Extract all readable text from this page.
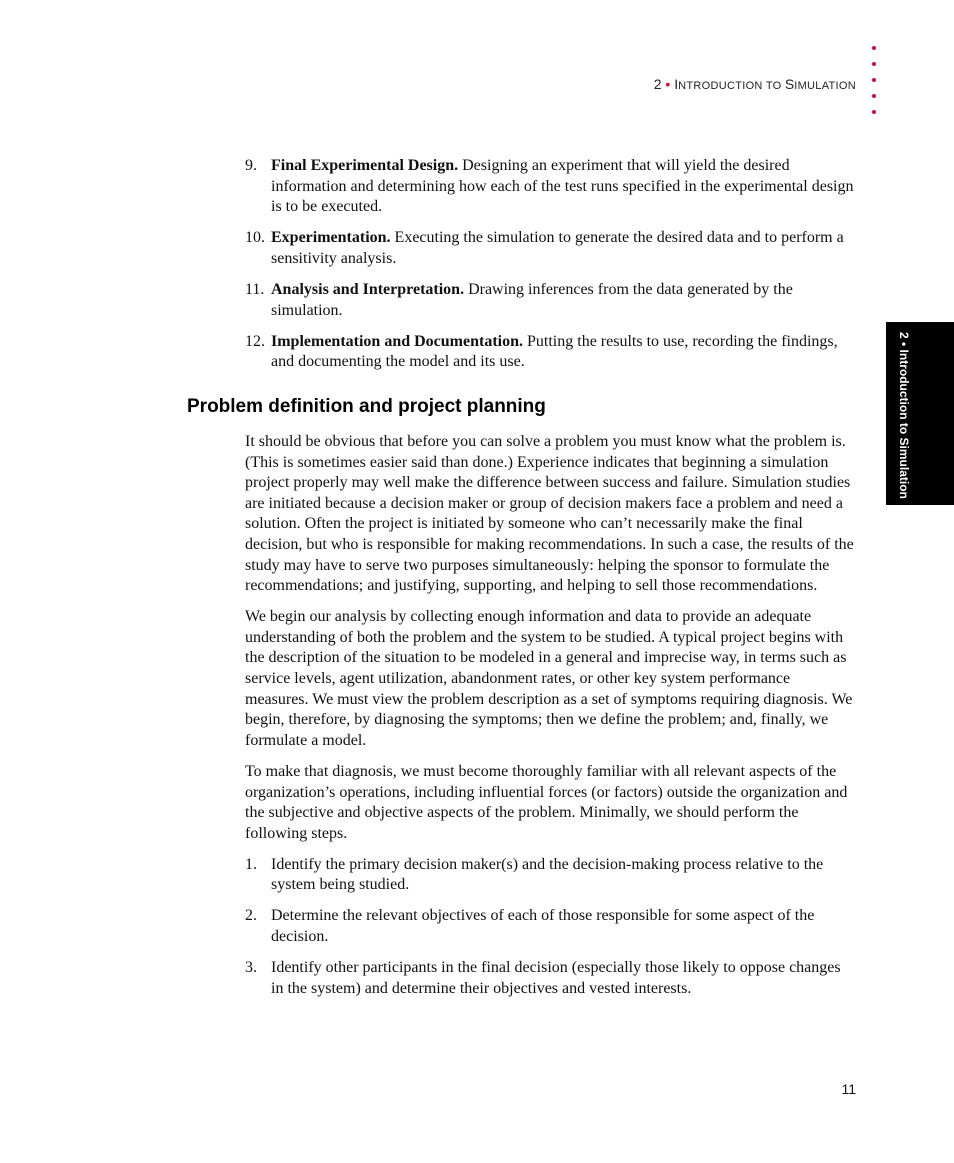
2 • INTRODUCTION TO SIMULATION
2 • Introduction to Simulation
9. Final Experimental Design. Designing an experiment that will yield the desired information and determining how each of the test runs specified in the experimental design is to be executed.
10. Experimentation. Executing the simulation to generate the desired data and to perform a sensitivity analysis.
11. Analysis and Interpretation. Drawing inferences from the data generated by the simulation.
12. Implementation and Documentation. Putting the results to use, recording the findings, and documenting the model and its use.
Problem definition and project planning

It should be obvious that before you can solve a problem you must know what the problem is. (This is sometimes easier said than done.) Experience indicates that beginning a simulation project properly may well make the difference between success and failure. Simulation studies are initiated because a decision maker or group of decision makers face a problem and need a solution. Often the project is initiated by someone who can’t necessarily make the final decision, but who is responsible for making recommendations. In such a case, the results of the study may have to serve two purposes simultaneously: helping the sponsor to formulate the recommendations; and justifying, supporting, and helping to sell those recommendations.

We begin our analysis by collecting enough information and data to provide an adequate understanding of both the problem and the system to be studied. A typical project begins with the description of the situation to be modeled in a general and imprecise way, in terms such as service levels, agent utilization, abandonment rates, or other key system performance measures. We must view the problem description as a set of symptoms requiring diagnosis. We begin, therefore, by diagnosing the symptoms; then we define the problem; and, finally, we formulate a model.

To make that diagnosis, we must become thoroughly familiar with all relevant aspects of the organization’s operations, including influential forces (or factors) outside the organization and the subjective and objective aspects of the problem. Minimally, we should perform the following steps.

1. Identify the primary decision maker(s) and the decision-making process relative to the system being studied.
2. Determine the relevant objectives of each of those responsible for some aspect of the decision.
3. Identify other participants in the final decision (especially those likely to oppose changes in the system) and determine their objectives and vested interests.
11
